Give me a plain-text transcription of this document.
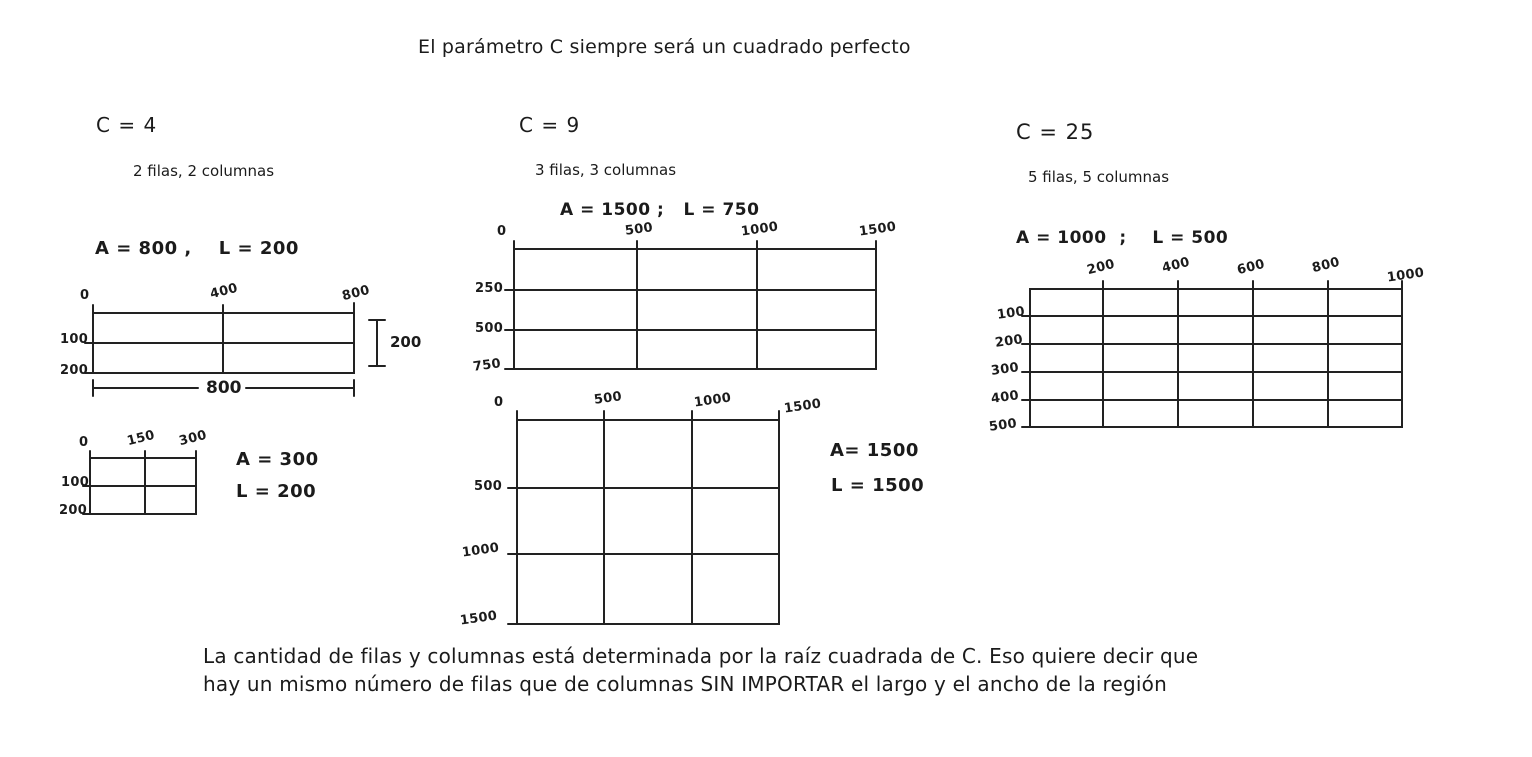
El parámetro C siempre será un cuadrado perfecto
C = 4
2 filas, 2 columnas
A = 800 ,    L = 200
0	400	800
100
200
200
800
0	150 300
100
200
A = 300
L = 200
C = 9
3 filas, 3 columnas
A = 1500 ;   L = 750
0	500	1000	1500
250
500
750
0	500	1000	1500
500
1000
1500
A= 1500
L = 1500
C = 25
5 filas, 5 columnas
A = 1000  ;    L = 500
200	400	600	800	1000
100
200
300
400
500
La cantidad de filas y columnas está determinada por la raíz cuadrada de C. Eso quiere decir que
hay un mismo número de filas que de columnas SIN IMPORTAR el largo y el ancho de la región
